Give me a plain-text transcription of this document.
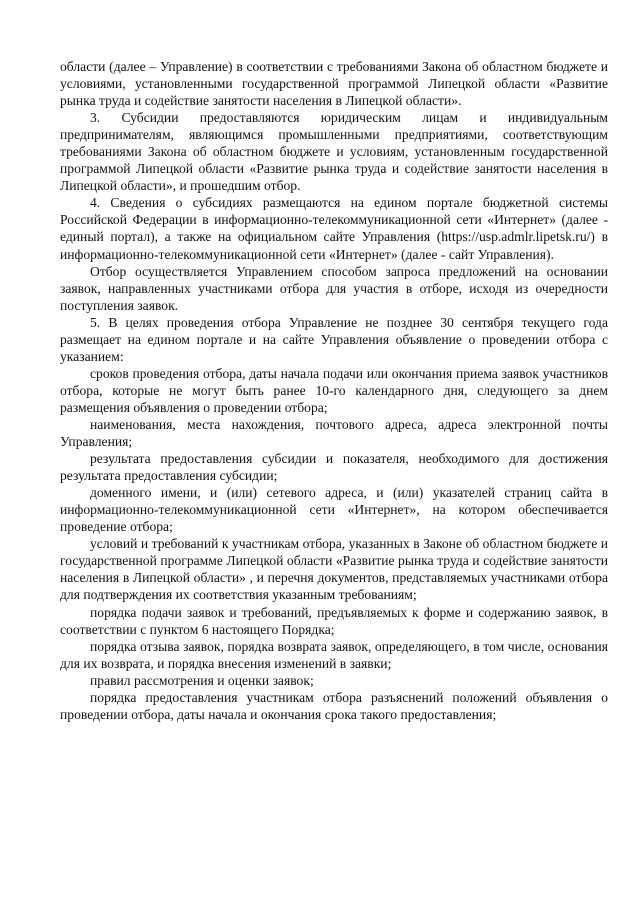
области (далее – Управление) в соответствии с требованиями Закона об областном бюджете и условиями, установленными государственной программой Липецкой области «Развитие рынка труда и содействие занятости населения в Липецкой области».

3. Субсидии предоставляются юридическим лицам и индивидуальным предпринимателям, являющимся промышленными предприятиями, соответствующим требованиями Закона об областном бюджете и условиям, установленным государственной программой Липецкой области «Развитие рынка труда и содействие занятости населения в Липецкой области», и прошедшим отбор.

4. Сведения о субсидиях размещаются на едином портале бюджетной системы Российской Федерации в информационно-телекоммуникационной сети «Интернет» (далее - единый портал), а также на официальном сайте Управления (https://usp.admlr.lipetsk.ru/) в информационно-телекоммуникационной сети «Интернет» (далее - сайт Управления).

Отбор осуществляется Управлением способом запроса предложений на основании заявок, направленных участниками отбора для участия в отборе, исходя из очередности поступления заявок.

5. В целях проведения отбора Управление не позднее 30 сентября текущего года размещает на едином портале и на сайте Управления объявление о проведении отбора с указанием:

сроков проведения отбора, даты начала подачи или окончания приема заявок участников отбора, которые не могут быть ранее 10-го календарного дня, следующего за днем размещения объявления о проведении отбора;

наименования, места нахождения, почтового адреса, адреса электронной почты Управления;

результата предоставления субсидии и показателя, необходимого для достижения результата предоставления субсидии;

доменного имени, и (или) сетевого адреса, и (или) указателей страниц сайта в информационно-телекоммуникационной сети «Интернет», на котором обеспечивается проведение отбора;

условий и требований к участникам отбора, указанных в Законе об областном бюджете и государственной программе Липецкой области «Развитие рынка труда и содействие занятости населения в Липецкой области» , и перечня документов, представляемых участниками отбора для подтверждения их соответствия указанным требованиям;

порядка подачи заявок и требований, предъявляемых к форме и содержанию заявок, в соответствии с пунктом 6 настоящего Порядка;

порядка отзыва заявок, порядка возврата заявок, определяющего, в том числе, основания для их возврата, и порядка внесения изменений в заявки;

правил рассмотрения и оценки заявок;

порядка предоставления участникам отбора разъяснений положений объявления о проведении отбора, даты начала и окончания срока такого предоставления;
